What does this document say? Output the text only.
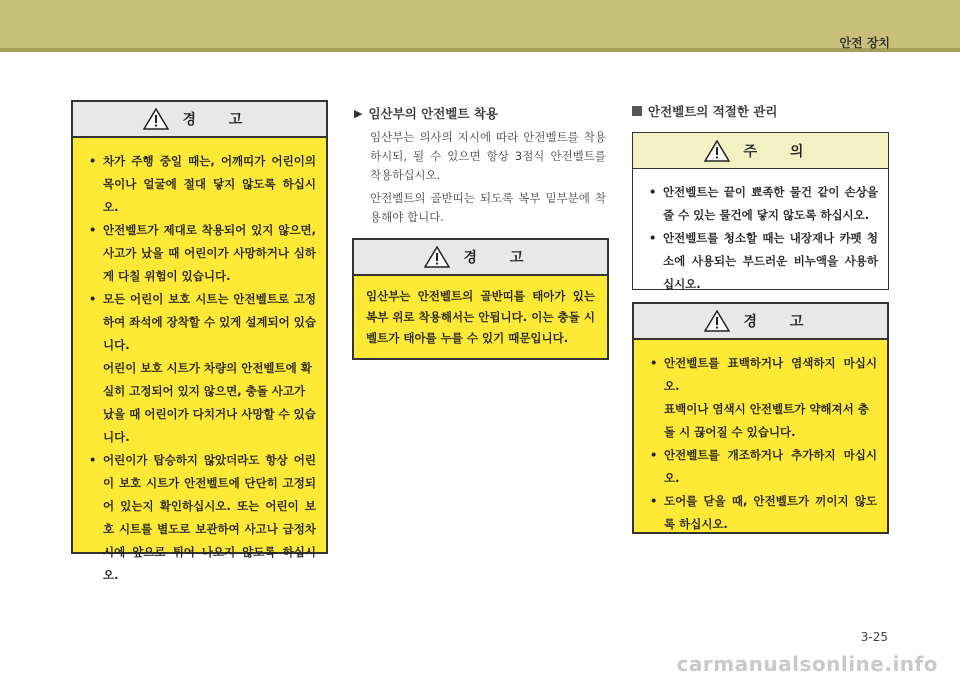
안전 장치
경 고
• 차가 주행 중일 때는, 어깨띠가 어린이의 목이나 얼굴에 절대 닿지 않도록 하십시오.
• 안전벨트가 제대로 착용되어 있지 않으면, 사고가 났을 때 어린이가 사망하거나 심하게 다칠 위험이 있습니다.
• 모든 어린이 보호 시트는 안전벨트로 고정하여 좌석에 장착할 수 있게 설계되어 있습니다.

어린이 보호 시트가 차량의 안전벨트에 확실히 고정되어 있지 않으면, 충돌 사고가 났을 때 어린이가 다치거나 사망할 수 있습니다.

• 어린이가 탑승하지 않았더라도 항상 어린이 보호 시트가 안전벨트에 단단히 고정되어 있는지 확인하십시오. 또는 어린이 보호 시트를 별도로 보관하여 사고나 급정차 시에 앞으로 튀어 나오지 않도록 하십시오.
▶ 임산부의 안전벨트 착용

임산부는 의사의 지시에 따라 안전벨트를 착용하시되, 될 수 있으면 항상 3점식 안전벨트를 착용하십시오.

안전벨트의 골반띠는 되도록 복부 밑부분에 착용해야 합니다.

경 고

임산부는 안전벨트의 골반띠를 태아가 있는 복부 위로 착용해서는 안됩니다. 이는 충돌 시 벨트가 태아를 누를 수 있기 때문입니다.

안전벨트의 적절한 관리
주 의
• 안전벨트는 끝이 뾰족한 물건 같이 손상을 줄 수 있는 물건에 닿지 않도록 하십시오.
• 안전벨트를 청소할 때는 내장재나 카펫 청소에 사용되는 부드러운 비누액을 사용하십시오.
경 고
• 안전벨트를 표백하거나 염색하지 마십시오.

표백이나 염색시 안전벨트가 약해져서 충돌 시 끊어질 수 있습니다.

• 안전벨트를 개조하거나 추가하지 마십시오.
• 도어를 닫을 때, 안전벨트가 끼이지 않도록 하십시오.
3-25
carmanualsonline.info
